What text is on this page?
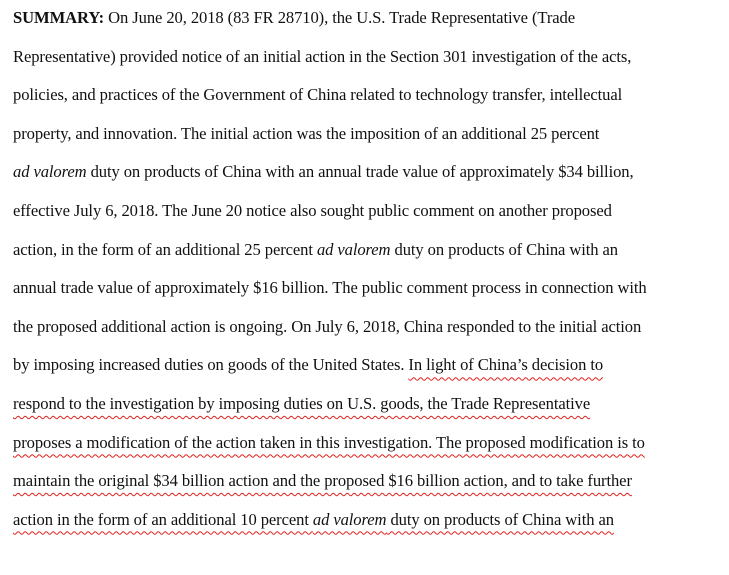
SUMMARY: On June 20, 2018 (83 FR 28710), the U.S. Trade Representative (Trade
Representative) provided notice of an initial action in the Section 301 investigation of the acts,
policies, and practices of the Government of China related to technology transfer, intellectual
property, and innovation. The initial action was the imposition of an additional 25 percent
ad valorem duty on products of China with an annual trade value of approximately $34 billion,
effective July 6, 2018. The June 20 notice also sought public comment on another proposed
action, in the form of an additional 25 percent ad valorem duty on products of China with an
annual trade value of approximately $16 billion. The public comment process in connection with
the proposed additional action is ongoing. On July 6, 2018, China responded to the initial action
by imposing increased duties on goods of the United States. In light of China’s decision to
respond to the investigation by imposing duties on U.S. goods, the Trade Representative
proposes a modification of the action taken in this investigation. The proposed modification is to
maintain the original $34 billion action and the proposed $16 billion action, and to take further
action in the form of an additional 10 percent ad valorem duty on products of China with an
